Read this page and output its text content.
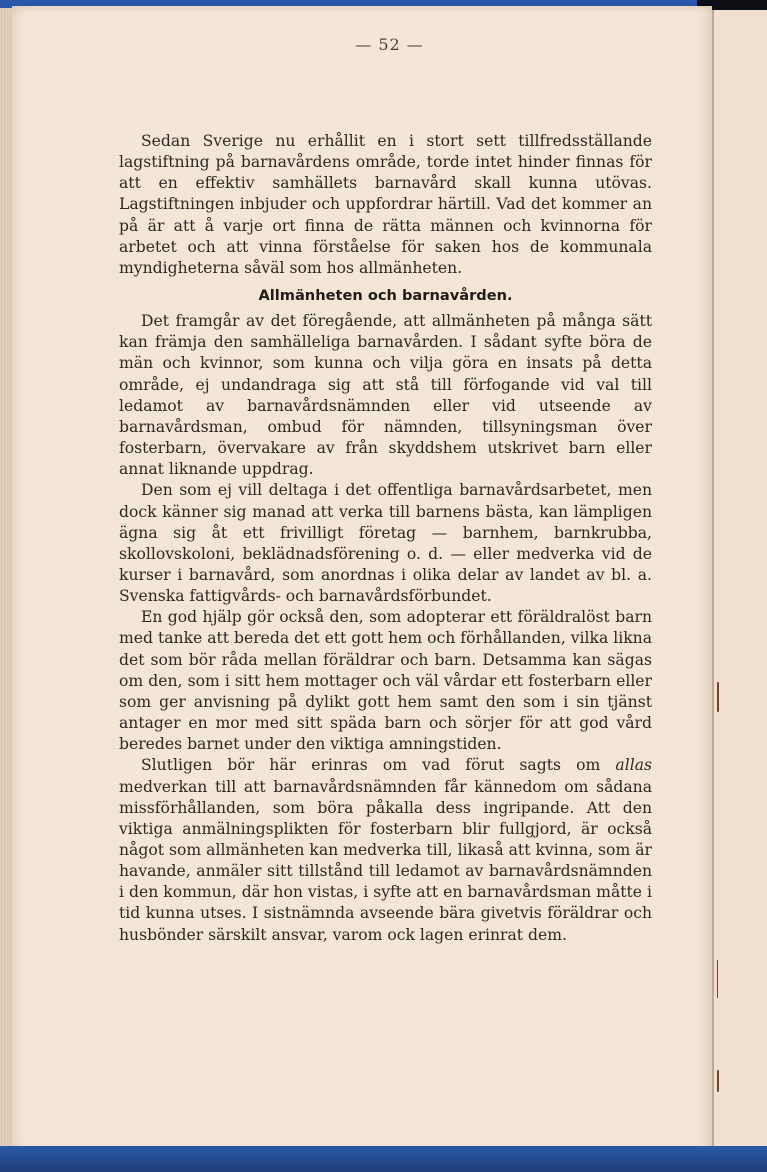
— 52 —

Sedan Sverige nu erhållit en i stort sett tillfredsställande lagstiftning på barnavårdens område, torde intet hinder finnas för att en effektiv samhällets barnavård skall kunna utövas. Lagstiftningen inbjuder och uppfordrar härtill. Vad det kommer an på är att å varje ort finna de rätta männen och kvinnorna för arbetet och att vinna förståelse för saken hos de kommunala myndigheterna såväl som hos allmänheten.

Allmänheten och barnavården.

Det framgår av det föregående, att allmänheten på många sätt kan främja den samhälleliga barnavården. I sådant syfte böra de män och kvinnor, som kunna och vilja göra en insats på detta område, ej undandraga sig att stå till förfogande vid val till ledamot av barnavårdsnämnden eller vid utseende av barnavårdsman, ombud för nämnden, tillsyningsman över fosterbarn, övervakare av från skyddshem utskrivet barn eller annat liknande uppdrag.

Den som ej vill deltaga i det offentliga barnavårdsarbetet, men dock känner sig manad att verka till barnens bästa, kan lämpligen ägna sig åt ett frivilligt företag — barnhem, barnkrubba, skollovskoloni, beklädnadsförening o. d. — eller medverka vid de kurser i barnavård, som anordnas i olika delar av landet av bl. a. Svenska fattigvårds- och barnavårdsförbundet.

En god hjälp gör också den, som adopterar ett föräldralöst barn med tanke att bereda det ett gott hem och förhållanden, vilka likna det som bör råda mellan föräldrar och barn. Detsamma kan sägas om den, som i sitt hem mottager och väl vårdar ett fosterbarn eller som ger anvisning på dylikt gott hem samt den som i sin tjänst antager en mor med sitt späda barn och sörjer för att god vård beredes barnet under den viktiga amningstiden.

Slutligen bör här erinras om vad förut sagts om allas medverkan till att barnavårdsnämnden får kännedom om sådana missförhållanden, som böra påkalla dess ingripande. Att den viktiga anmälningsplikten för fosterbarn blir fullgjord, är också något som allmänheten kan medverka till, likaså att kvinna, som är havande, anmäler sitt tillstånd till ledamot av barnavårdsnämnden i den kommun, där hon vistas, i syfte att en barnavårdsman måtte i tid kunna utses. I sistnämnda avseende bära givetvis föräldrar och husbönder särskilt ansvar, varom ock lagen erinrat dem.
